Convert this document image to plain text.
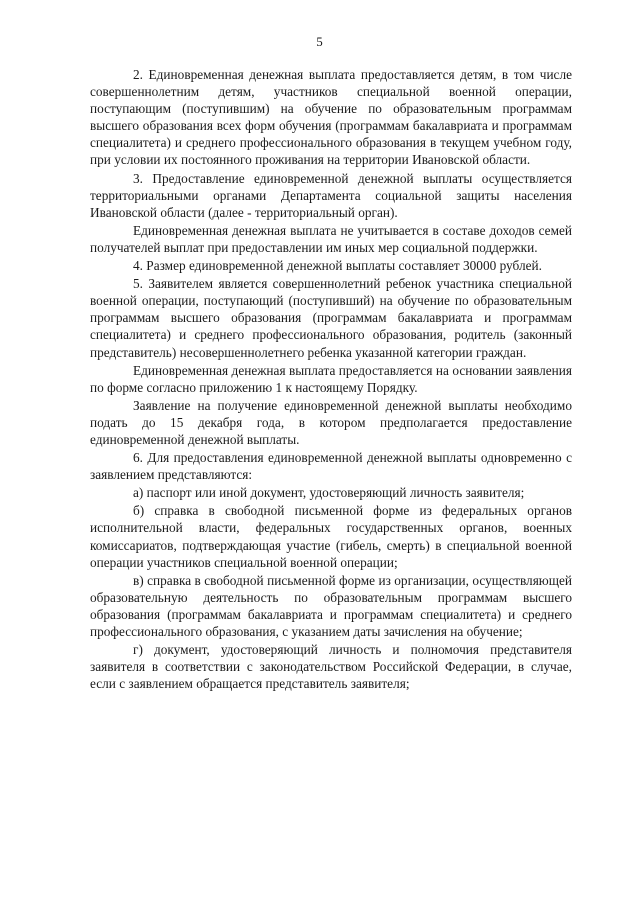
5

2. Единовременная денежная выплата предоставляется детям, в том числе совершеннолетним детям, участников специальной военной операции, поступающим (поступившим) на обучение по образовательным программам высшего образования всех форм обучения (программам бакалавриата и программам специалитета) и среднего профессионального образования в текущем учебном году, при условии их постоянного проживания на территории Ивановской области.

3. Предоставление единовременной денежной выплаты осуществляется территориальными органами Департамента социальной защиты населения Ивановской области (далее - территориальный орган).

Единовременная денежная выплата не учитывается в составе доходов семей получателей выплат при предоставлении им иных мер социальной поддержки.

4. Размер единовременной денежной выплаты составляет 30000 рублей.

5. Заявителем является совершеннолетний ребенок участника специальной военной операции, поступающий (поступивший) на обучение по образовательным программам высшего образования (программам бакалавриата и программам специалитета) и среднего профессионального образования, родитель (законный представитель) несовершеннолетнего ребенка указанной категории граждан.

Единовременная денежная выплата предоставляется на основании заявления по форме согласно приложению 1 к настоящему Порядку.

Заявление на получение единовременной денежной выплаты необходимо подать до 15 декабря года, в котором предполагается предоставление единовременной денежной выплаты.

6. Для предоставления единовременной денежной выплаты одновременно с заявлением представляются:

а) паспорт или иной документ, удостоверяющий личность заявителя;

б) справка в свободной письменной форме из федеральных органов исполнительной власти, федеральных государственных органов, военных комиссариатов, подтверждающая участие (гибель, смерть) в специальной военной операции участников специальной военной операции;

в) справка в свободной письменной форме из организации, осуществляющей образовательную деятельность по образовательным программам высшего образования (программам бакалавриата и программам специалитета) и среднего профессионального образования, с указанием даты зачисления на обучение;

г) документ, удостоверяющий личность и полномочия представителя заявителя в соответствии с законодательством Российской Федерации, в случае, если с заявлением обращается представитель заявителя;
